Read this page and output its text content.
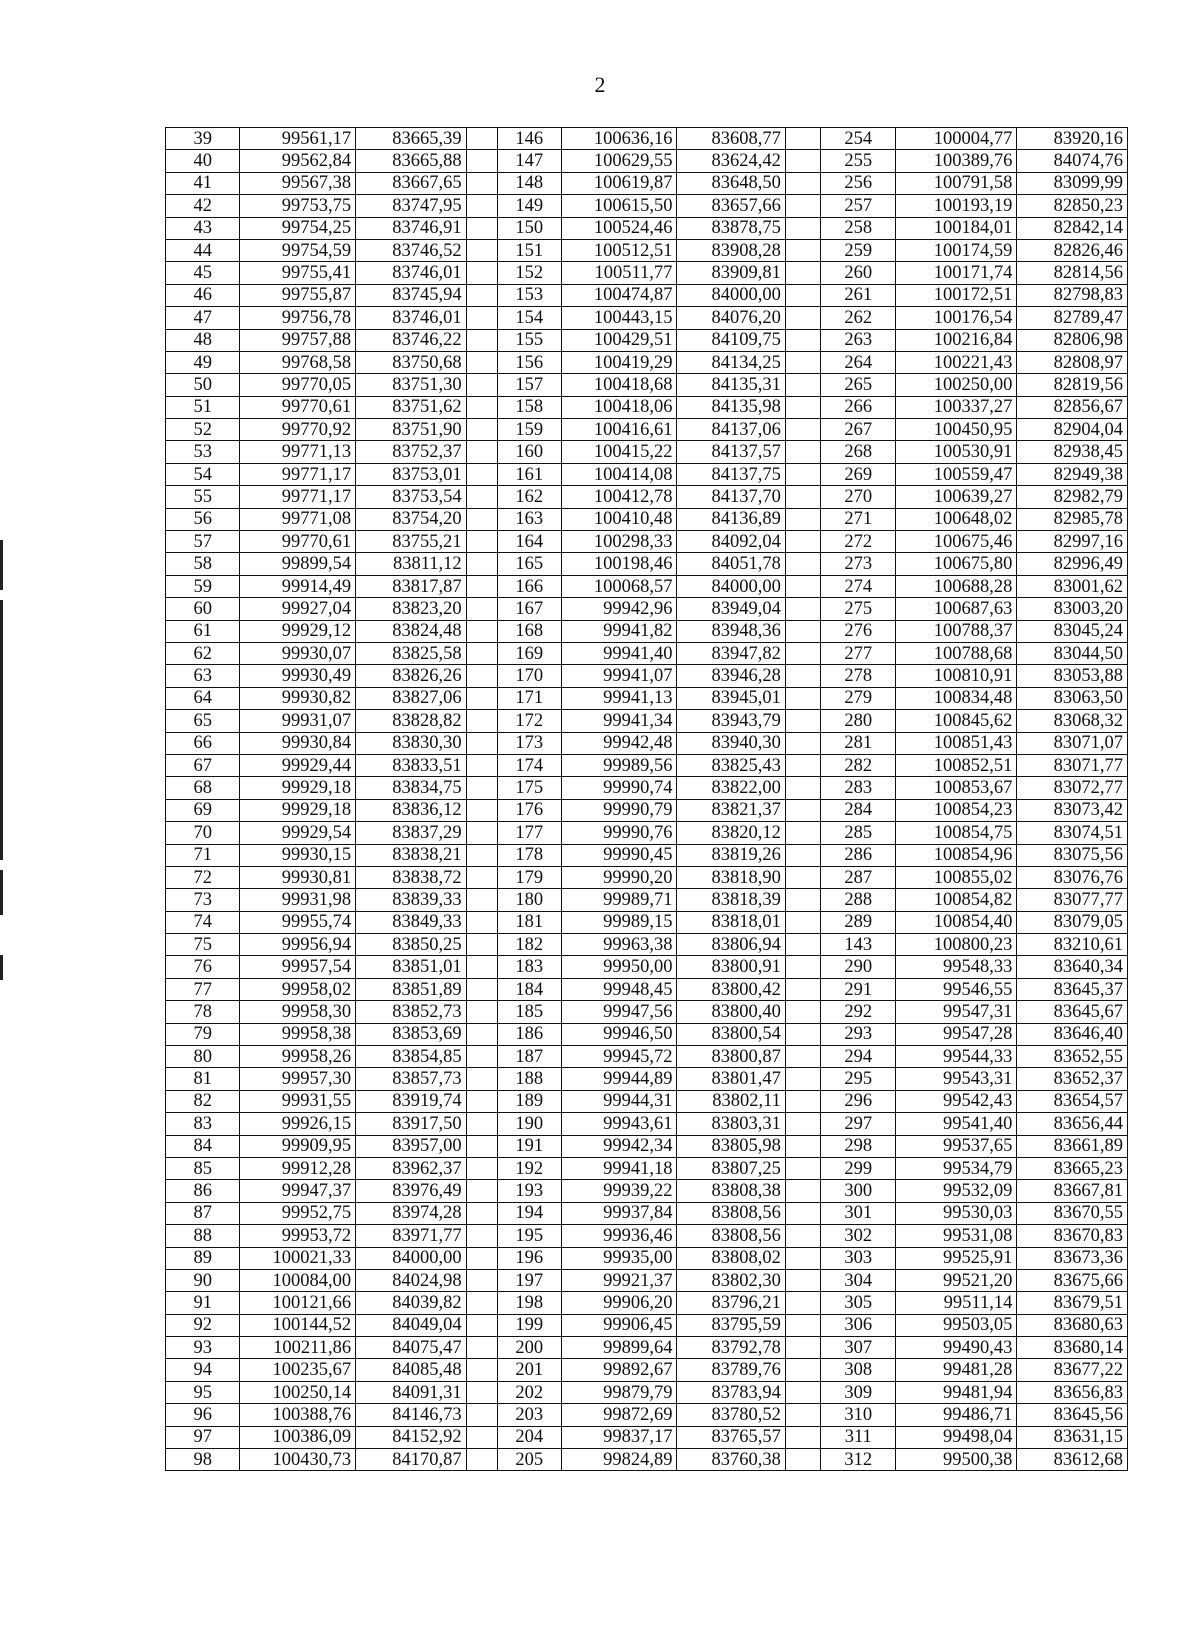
2
39	99561,17	83665,39		146	100636,16	83608,77		254	100004,77	83920,16
40	99562,84	83665,88		147	100629,55	83624,42		255	100389,76	84074,76
41	99567,38	83667,65		148	100619,87	83648,50		256	100791,58	83099,99
42	99753,75	83747,95		149	100615,50	83657,66		257	100193,19	82850,23
43	99754,25	83746,91		150	100524,46	83878,75		258	100184,01	82842,14
44	99754,59	83746,52		151	100512,51	83908,28		259	100174,59	82826,46
45	99755,41	83746,01		152	100511,77	83909,81		260	100171,74	82814,56
46	99755,87	83745,94		153	100474,87	84000,00		261	100172,51	82798,83
47	99756,78	83746,01		154	100443,15	84076,20		262	100176,54	82789,47
48	99757,88	83746,22		155	100429,51	84109,75		263	100216,84	82806,98
49	99768,58	83750,68		156	100419,29	84134,25		264	100221,43	82808,97
50	99770,05	83751,30		157	100418,68	84135,31		265	100250,00	82819,56
51	99770,61	83751,62		158	100418,06	84135,98		266	100337,27	82856,67
52	99770,92	83751,90		159	100416,61	84137,06		267	100450,95	82904,04
53	99771,13	83752,37		160	100415,22	84137,57		268	100530,91	82938,45
54	99771,17	83753,01		161	100414,08	84137,75		269	100559,47	82949,38
55	99771,17	83753,54		162	100412,78	84137,70		270	100639,27	82982,79
56	99771,08	83754,20		163	100410,48	84136,89		271	100648,02	82985,78
57	99770,61	83755,21		164	100298,33	84092,04		272	100675,46	82997,16
58	99899,54	83811,12		165	100198,46	84051,78		273	100675,80	82996,49
59	99914,49	83817,87		166	100068,57	84000,00		274	100688,28	83001,62
60	99927,04	83823,20		167	99942,96	83949,04		275	100687,63	83003,20
61	99929,12	83824,48		168	99941,82	83948,36		276	100788,37	83045,24
62	99930,07	83825,58		169	99941,40	83947,82		277	100788,68	83044,50
63	99930,49	83826,26		170	99941,07	83946,28		278	100810,91	83053,88
64	99930,82	83827,06		171	99941,13	83945,01		279	100834,48	83063,50
65	99931,07	83828,82		172	99941,34	83943,79		280	100845,62	83068,32
66	99930,84	83830,30		173	99942,48	83940,30		281	100851,43	83071,07
67	99929,44	83833,51		174	99989,56	83825,43		282	100852,51	83071,77
68	99929,18	83834,75		175	99990,74	83822,00		283	100853,67	83072,77
69	99929,18	83836,12		176	99990,79	83821,37		284	100854,23	83073,42
70	99929,54	83837,29		177	99990,76	83820,12		285	100854,75	83074,51
71	99930,15	83838,21		178	99990,45	83819,26		286	100854,96	83075,56
72	99930,81	83838,72		179	99990,20	83818,90		287	100855,02	83076,76
73	99931,98	83839,33		180	99989,71	83818,39		288	100854,82	83077,77
74	99955,74	83849,33		181	99989,15	83818,01		289	100854,40	83079,05
75	99956,94	83850,25		182	99963,38	83806,94		143	100800,23	83210,61
76	99957,54	83851,01		183	99950,00	83800,91		290	99548,33	83640,34
77	99958,02	83851,89		184	99948,45	83800,42		291	99546,55	83645,37
78	99958,30	83852,73		185	99947,56	83800,40		292	99547,31	83645,67
79	99958,38	83853,69		186	99946,50	83800,54		293	99547,28	83646,40
80	99958,26	83854,85		187	99945,72	83800,87		294	99544,33	83652,55
81	99957,30	83857,73		188	99944,89	83801,47		295	99543,31	83652,37
82	99931,55	83919,74		189	99944,31	83802,11		296	99542,43	83654,57
83	99926,15	83917,50		190	99943,61	83803,31		297	99541,40	83656,44
84	99909,95	83957,00		191	99942,34	83805,98		298	99537,65	83661,89
85	99912,28	83962,37		192	99941,18	83807,25		299	99534,79	83665,23
86	99947,37	83976,49		193	99939,22	83808,38		300	99532,09	83667,81
87	99952,75	83974,28		194	99937,84	83808,56		301	99530,03	83670,55
88	99953,72	83971,77		195	99936,46	83808,56		302	99531,08	83670,83
89	100021,33	84000,00		196	99935,00	83808,02		303	99525,91	83673,36
90	100084,00	84024,98		197	99921,37	83802,30		304	99521,20	83675,66
91	100121,66	84039,82		198	99906,20	83796,21		305	99511,14	83679,51
92	100144,52	84049,04		199	99906,45	83795,59		306	99503,05	83680,63
93	100211,86	84075,47		200	99899,64	83792,78		307	99490,43	83680,14
94	100235,67	84085,48		201	99892,67	83789,76		308	99481,28	83677,22
95	100250,14	84091,31		202	99879,79	83783,94		309	99481,94	83656,83
96	100388,76	84146,73		203	99872,69	83780,52		310	99486,71	83645,56
97	100386,09	84152,92		204	99837,17	83765,57		311	99498,04	83631,15
98	100430,73	84170,87		205	99824,89	83760,38		312	99500,38	83612,68
